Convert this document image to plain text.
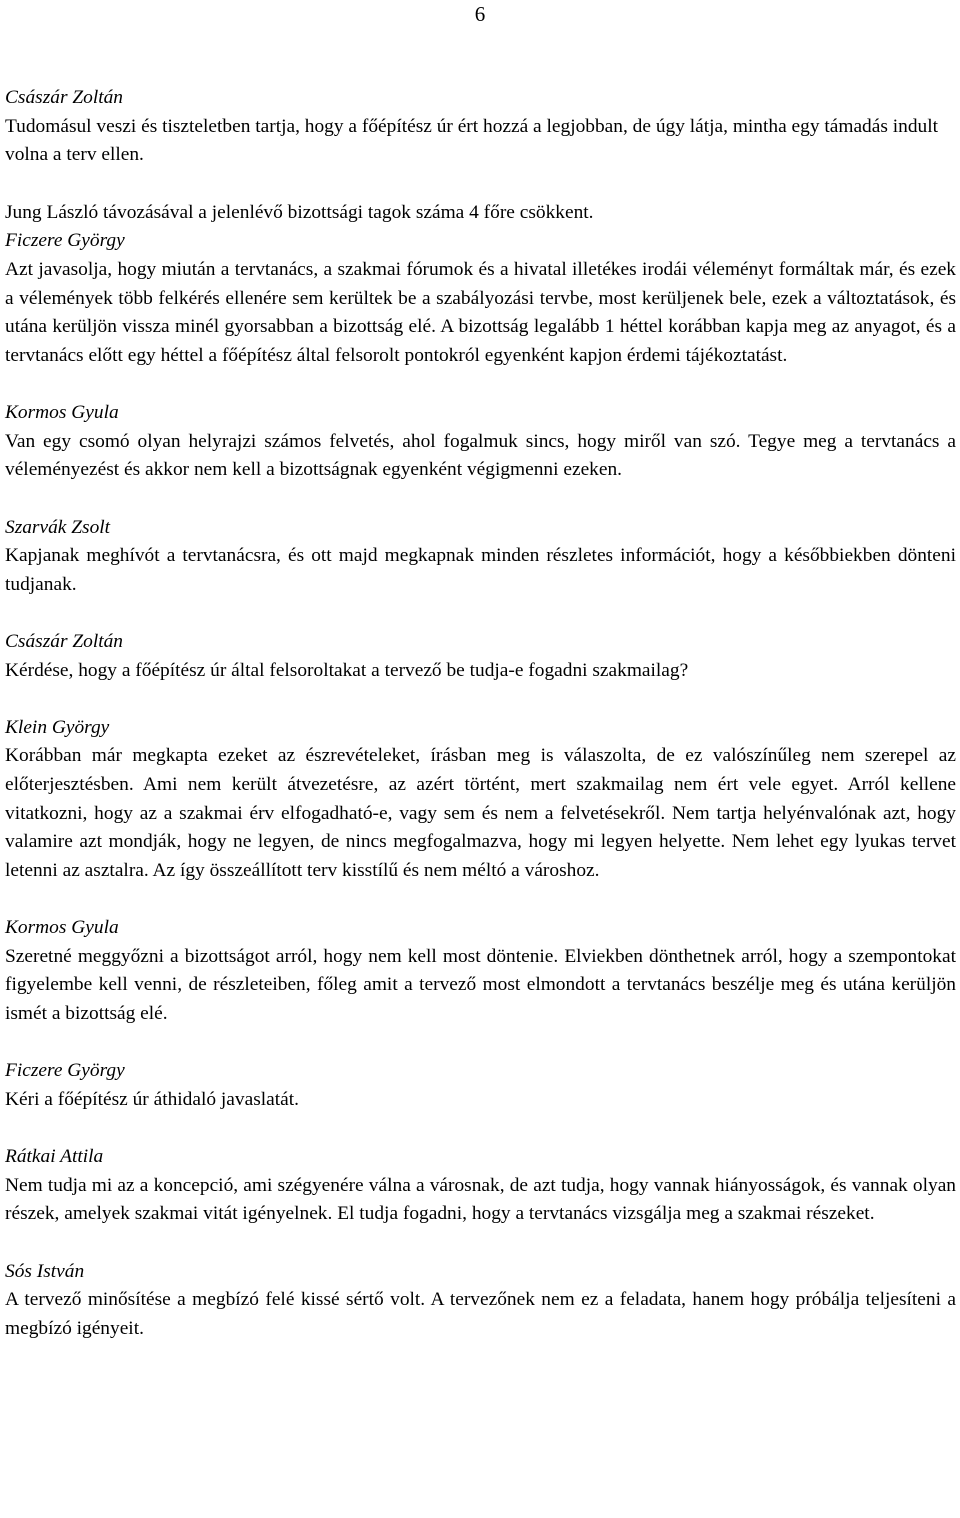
6
Császár Zoltán

Tudomásul veszi és tiszteletben tartja, hogy a főépítész úr ért hozzá a legjobban, de úgy látja, mintha egy támadás indult volna a terv ellen.

Jung László távozásával a jelenlévő bizottsági tagok száma 4 főre csökkent.

Ficzere György

Azt javasolja, hogy miután a tervtanács, a szakmai fórumok és a hivatal illetékes irodái véleményt formáltak már, és ezek a vélemények több felkérés ellenére sem kerültek be a szabályozási tervbe, most kerüljenek bele, ezek a változtatások, és utána kerüljön vissza minél gyorsabban a bizottság elé. A bizottság legalább 1 héttel korábban kapja meg az anyagot, és a tervtanács előtt egy héttel a főépítész által felsorolt pontokról egyenként kapjon érdemi tájékoztatást.

Kormos Gyula

Van egy csomó olyan helyrajzi számos felvetés, ahol fogalmuk sincs, hogy miről van szó. Tegye meg a tervtanács a véleményezést és akkor nem kell a bizottságnak egyenként végigmenni ezeken.

Szarvák Zsolt

Kapjanak meghívót a tervtanácsra, és ott majd megkapnak minden részletes információt, hogy a későbbiekben dönteni tudjanak.

Császár Zoltán

Kérdése, hogy a főépítész úr által felsoroltakat a tervező be tudja-e fogadni szakmailag?

Klein György

Korábban már megkapta ezeket az észrevételeket, írásban meg is válaszolta, de ez valószínűleg nem szerepel az előterjesztésben. Ami nem került átvezetésre, az azért történt, mert szakmailag nem ért vele egyet. Arról kellene vitatkozni, hogy az a szakmai érv elfogadható-e, vagy sem és nem a felvetésekről. Nem tartja helyénvalónak azt, hogy valamire azt mondják, hogy ne legyen, de nincs megfogalmazva, hogy mi legyen helyette. Nem lehet egy lyukas tervet letenni az asztalra. Az így összeállított terv kisstílű és nem méltó a városhoz.

Kormos Gyula

Szeretné meggyőzni a bizottságot arról, hogy nem kell most döntenie. Elviekben dönthetnek arról, hogy a szempontokat figyelembe kell venni, de részleteiben, főleg amit a tervező most elmondott a tervtanács beszélje meg és utána kerüljön ismét a bizottság elé.

Ficzere György

Kéri a főépítész úr áthidaló javaslatát.

Rátkai Attila

Nem tudja mi az a koncepció, ami szégyenére válna a városnak, de azt tudja, hogy vannak hiányosságok, és vannak olyan részek, amelyek szakmai vitát igényelnek. El tudja fogadni, hogy a tervtanács vizsgálja meg a szakmai részeket.

Sós István

A tervező minősítése a megbízó felé kissé sértő volt. A tervezőnek nem ez a feladata, hanem hogy próbálja teljesíteni a megbízó igényeit.
